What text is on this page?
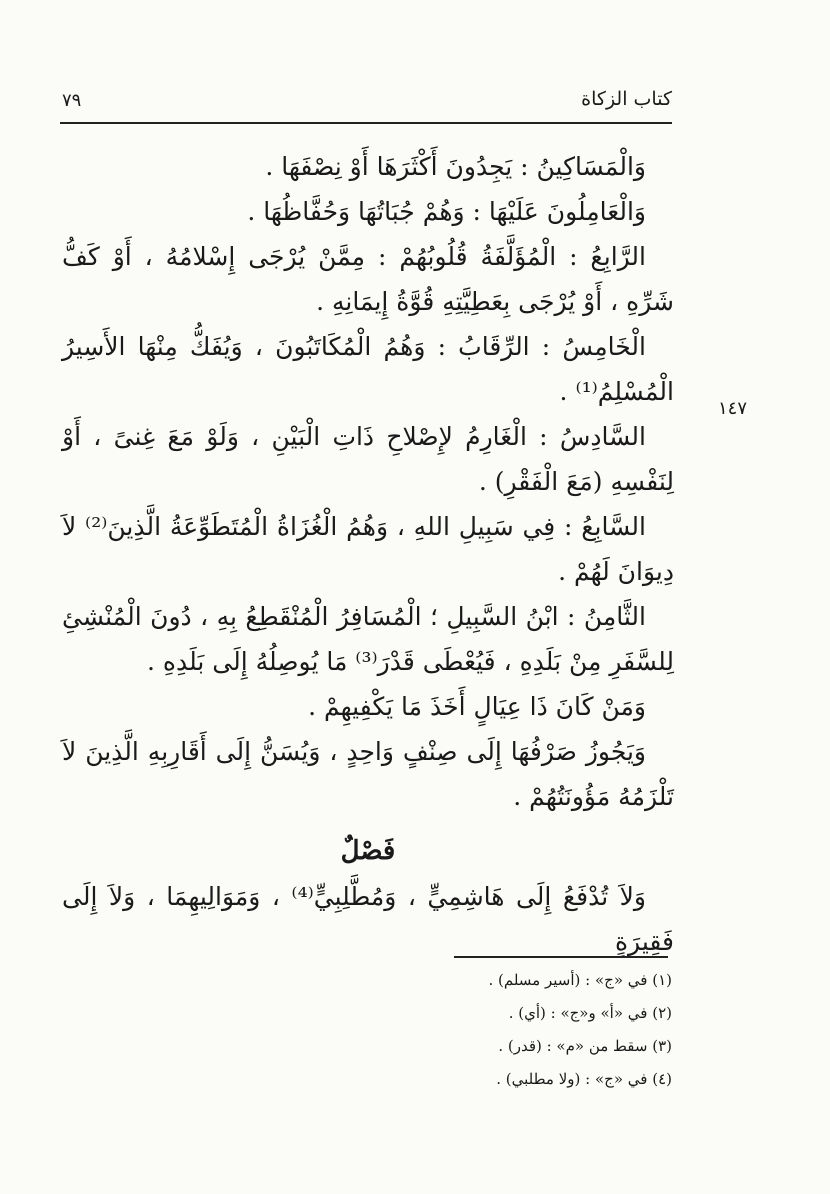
كتاب الزكاة
٧٩
١٤٧

وَالْمَسَاكِينُ : يَجِدُونَ أَكْثَرَهَا أَوْ نِصْفَهَا .

وَالْعَامِلُونَ عَلَيْهَا : وَهُمْ جُبَاتُهَا وَحُفَّاظُهَا .

الرَّابِعُ : الْمُؤَلَّفَةُ قُلُوبُهُمْ : مِمَّنْ يُرْجَى إِسْلامُهُ ، أَوْ كَفُّ شَرِّهِ ، أَوْ يُرْجَى بِعَطِيَّتِهِ قُوَّةُ إِيمَانِهِ .

الْخَامِسُ : الرِّقَابُ : وَهُمُ الْمُكَاتَبُونَ ، وَيُفَكُّ مِنْهَا الأَسِيرُ الْمُسْلِمُ⁽¹⁾ .

السَّادِسُ : الْغَارِمُ لإِصْلاحِ ذَاتِ الْبَيْنِ ، وَلَوْ مَعَ غِنىً ، أَوْ لِنَفْسِهِ (مَعَ الْفَقْرِ) .

السَّابِعُ : فِي سَبِيلِ اللهِ ، وَهُمُ الْغُزَاةُ الْمُتَطَوِّعَةُ الَّذِينَ⁽²⁾ لاَ دِيوَانَ لَهُمْ .

الثَّامِنُ : ابْنُ السَّبِيلِ ؛ الْمُسَافِرُ الْمُنْقَطِعُ بِهِ ، دُونَ الْمُنْشِئِ لِلسَّفَرِ مِنْ بَلَدِهِ ، فَيُعْطَى قَدْرَ⁽³⁾ مَا يُوصِلُهُ إِلَى بَلَدِهِ .

وَمَنْ كَانَ ذَا عِيَالٍ أَخَذَ مَا يَكْفِيهِمْ .

وَيَجُوزُ صَرْفُهَا إِلَى صِنْفٍ وَاحِدٍ ، وَيُسَنُّ إِلَى أَقَارِبِهِ الَّذِينَ لاَ تَلْزَمُهُ مَؤُونَتُهُمْ .

فَصْلٌ

وَلاَ تُدْفَعُ إِلَى هَاشِمِيٍّ ، وَمُطَّلِبِيٍّ⁽⁴⁾ ، وَمَوَالِيهِمَا ، وَلاَ إِلَى فَقِيرَةٍ

(١) في «ج» : (أسير مسلم) .

(٢) في «أ» و«ج» : (أي) .

(٣) سقط من «م» : (قدر) .

(٤) في «ج» : (ولا مطلبي) .
